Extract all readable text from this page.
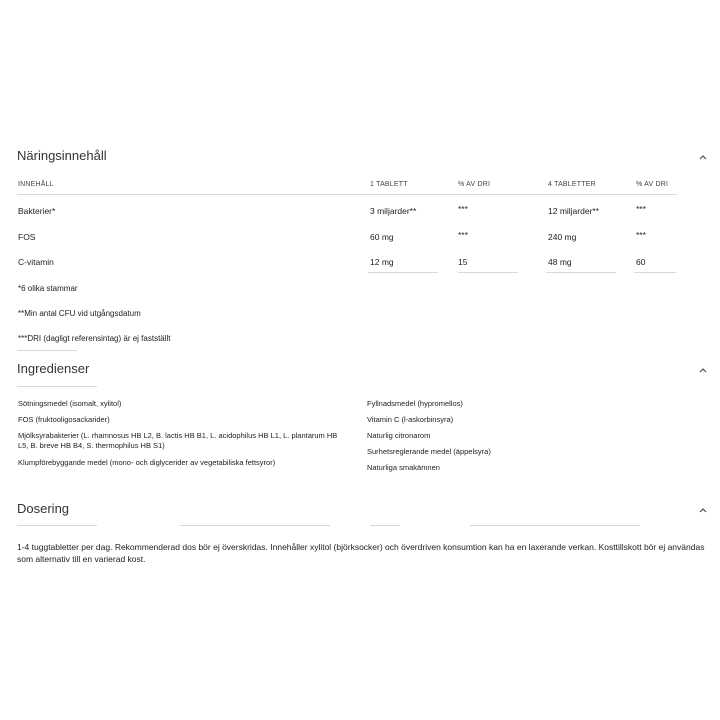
Näringsinnehåll
INNEHÅLL	1 TABLETT	% AV DRI	4 TABLETTER	% AV DRI
Bakterier*	3 miljarder**	***	12 miljarder**	***
FOS	60 mg	***	240 mg	***
C-vitamin	12 mg	15	48 mg	60
*6 olika stammar
**Min antal CFU vid utgångsdatum
***DRI (dagligt referensintag) är ej fastställt
Ingredienser
Sötningsmedel (isomalt, xylitol)
FOS (fruktooligosackarider)
Mjölksyrabakterier (L. rhamnosus HB L2, B. lactis HB B1, L. acidophilus HB L1, L. plantarum HB L5, B. breve HB B4, S. thermophilus HB S1)
Klumpförebyggande medel (mono- och diglycerider av vegetabiliska fettsyror)
Fyllnadsmedel (hypromellos)
Vitamin C (l-askorbinsyra)
Naturlig citronarom
Surhetsreglerande medel (äppelsyra)
Naturliga smakämnen
Dosering
1-4 tuggtabletter per dag. Rekommenderad dos bör ej överskridas. Innehåller xylitol (björksocker) och överdriven konsumtion kan ha en laxerande verkan. Kosttillskott bör ej användas som alternativ till en varierad kost.
